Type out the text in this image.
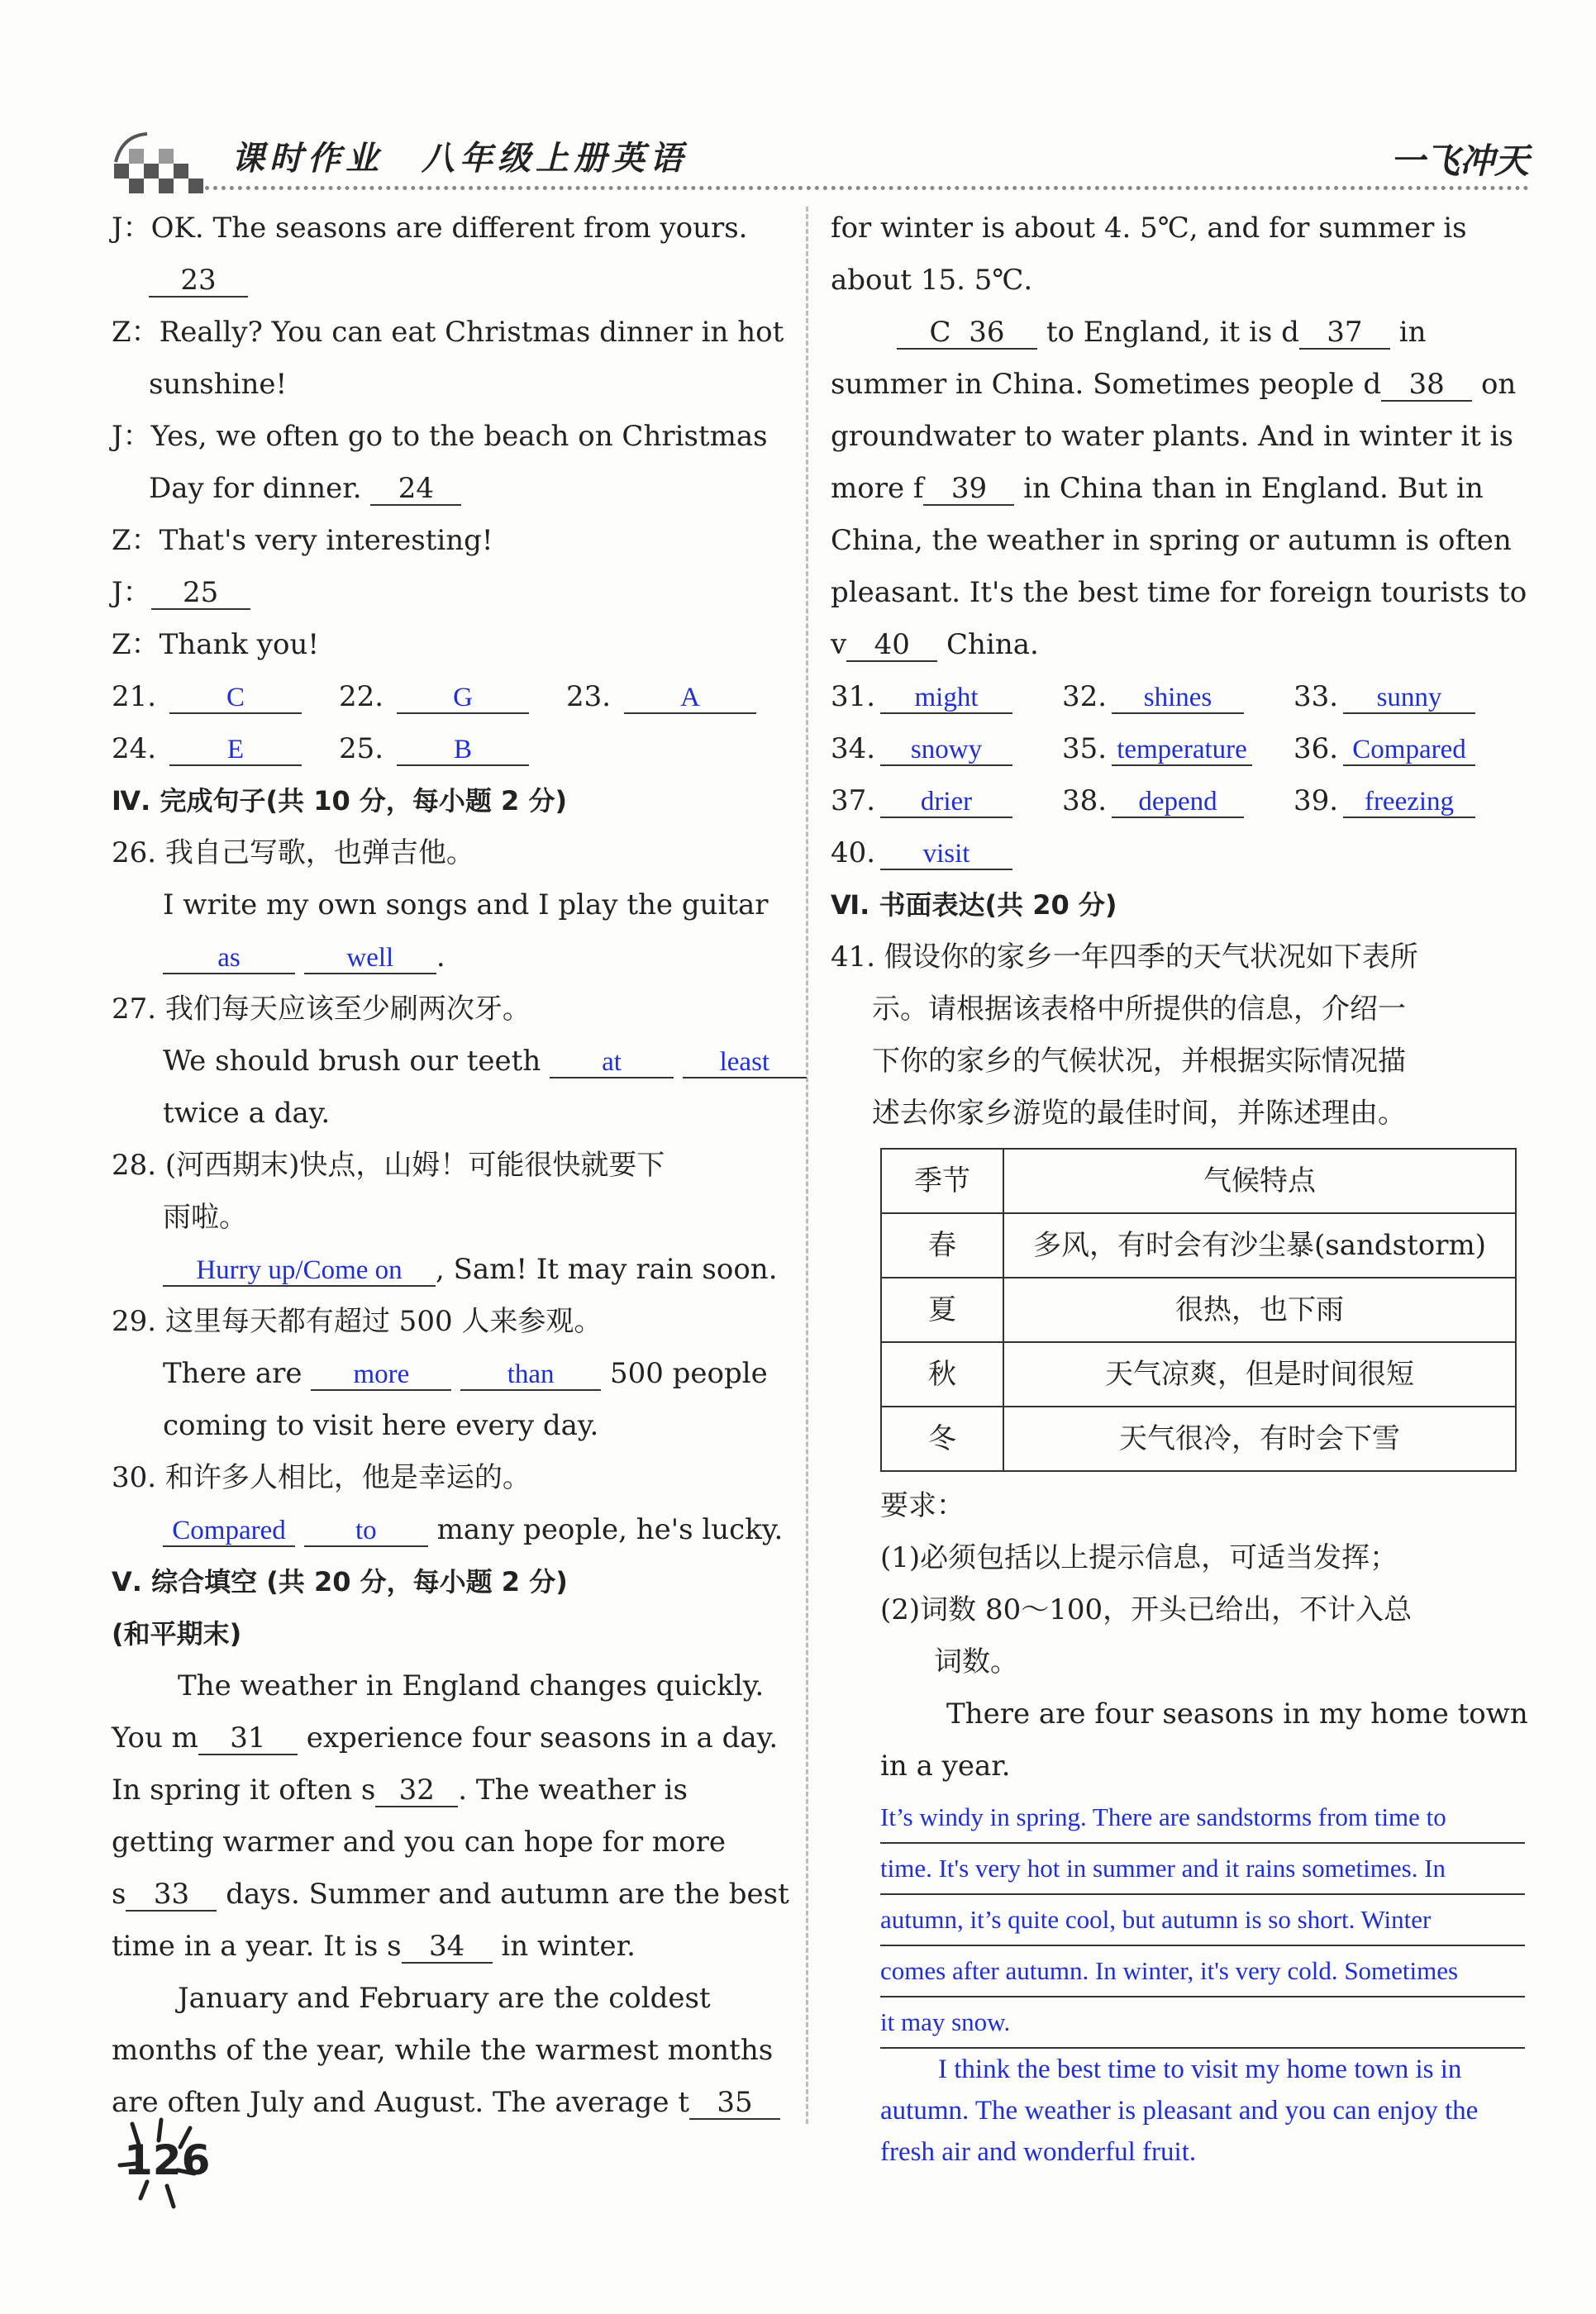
课时作业　八年级上册英语	一飞冲天
J：OK. The seasons are different from yours.
23
Z：Really? You can eat Christmas dinner in hot
sunshine!
J：Yes, we often go to the beach on Christmas
Day for dinner. 24
Z：That's very interesting!
J： 25
Z：Thank you!
21.	C	22.	G	23.	A
24.	E	25.	B
Ⅳ. 完成句子(共 10 分，每小题 2 分)
26. 我自己写歌，也弹吉他。
I write my own songs and I play the guitar
as	well .
27. 我们每天应该至少刷两次牙。
We should brush our teeth at	least
twice a day.
28. (河西期末)快点，山姆！可能很快就要下
雨啦。
Hurry up/Come on , Sam! It may rain soon.
29. 这里每天都有超过 500 人来参观。
There are more	than 500 people
coming to visit here every day.
30. 和许多人相比，他是幸运的。
Compared	to many people, he's lucky.
Ⅴ. 综合填空 (共 20 分，每小题 2 分)
(和平期末)
The weather in England changes quickly.
You m 31 experience four seasons in a day.
In spring it often s 32 . The weather is
getting warmer and you can hope for more
s 33 days. Summer and autumn are the best
time in a year. It is s 34 in winter.
January and February are the coldest
months of the year, while the warmest months
are often July and August. The average t 35
for winter is about 4. 5℃, and for summer is
about 15. 5℃.
C 36 to England, it is d 37 in
summer in China. Sometimes people d 38 on
groundwater to water plants. And in winter it is
more f 39 in China than in England. But in
China, the weather in spring or autumn is often
pleasant. It's the best time for foreign tourists to
v 40 China.
31.	might	32.	shines	33.	sunny
34.	snowy	35. temperature 36. Compared
37.	drier	38.	depend	39. freezing
40.	visit
Ⅵ. 书面表达(共 20 分)
41. 假设你的家乡一年四季的天气状况如下表所
示。请根据该表格中所提供的信息，介绍一
下你的家乡的气候状况，并根据实际情况描
述去你家乡游览的最佳时间，并陈述理由。
季节	气候特点
春	多风，有时会有沙尘暴(sandstorm)
夏	很热，也下雨
秋	天气凉爽，但是时间很短
冬	天气很冷，有时会下雪
要求：
(1)必须包括以上提示信息，可适当发挥；
(2)词数 80～100，开头已给出，不计入总
词数。
There are four seasons in my home town
in a year.
It’s windy in spring. There are sandstorms from time to
time. It's very hot in summer and it rains sometimes. In
autumn, it’s quite cool, but autumn is so short. Winter
comes after autumn. In winter, it's very cold. Sometimes
it may snow.
I think the best time to visit my home town is in
autumn. The weather is pleasant and you can enjoy the
fresh air and wonderful fruit.
126
